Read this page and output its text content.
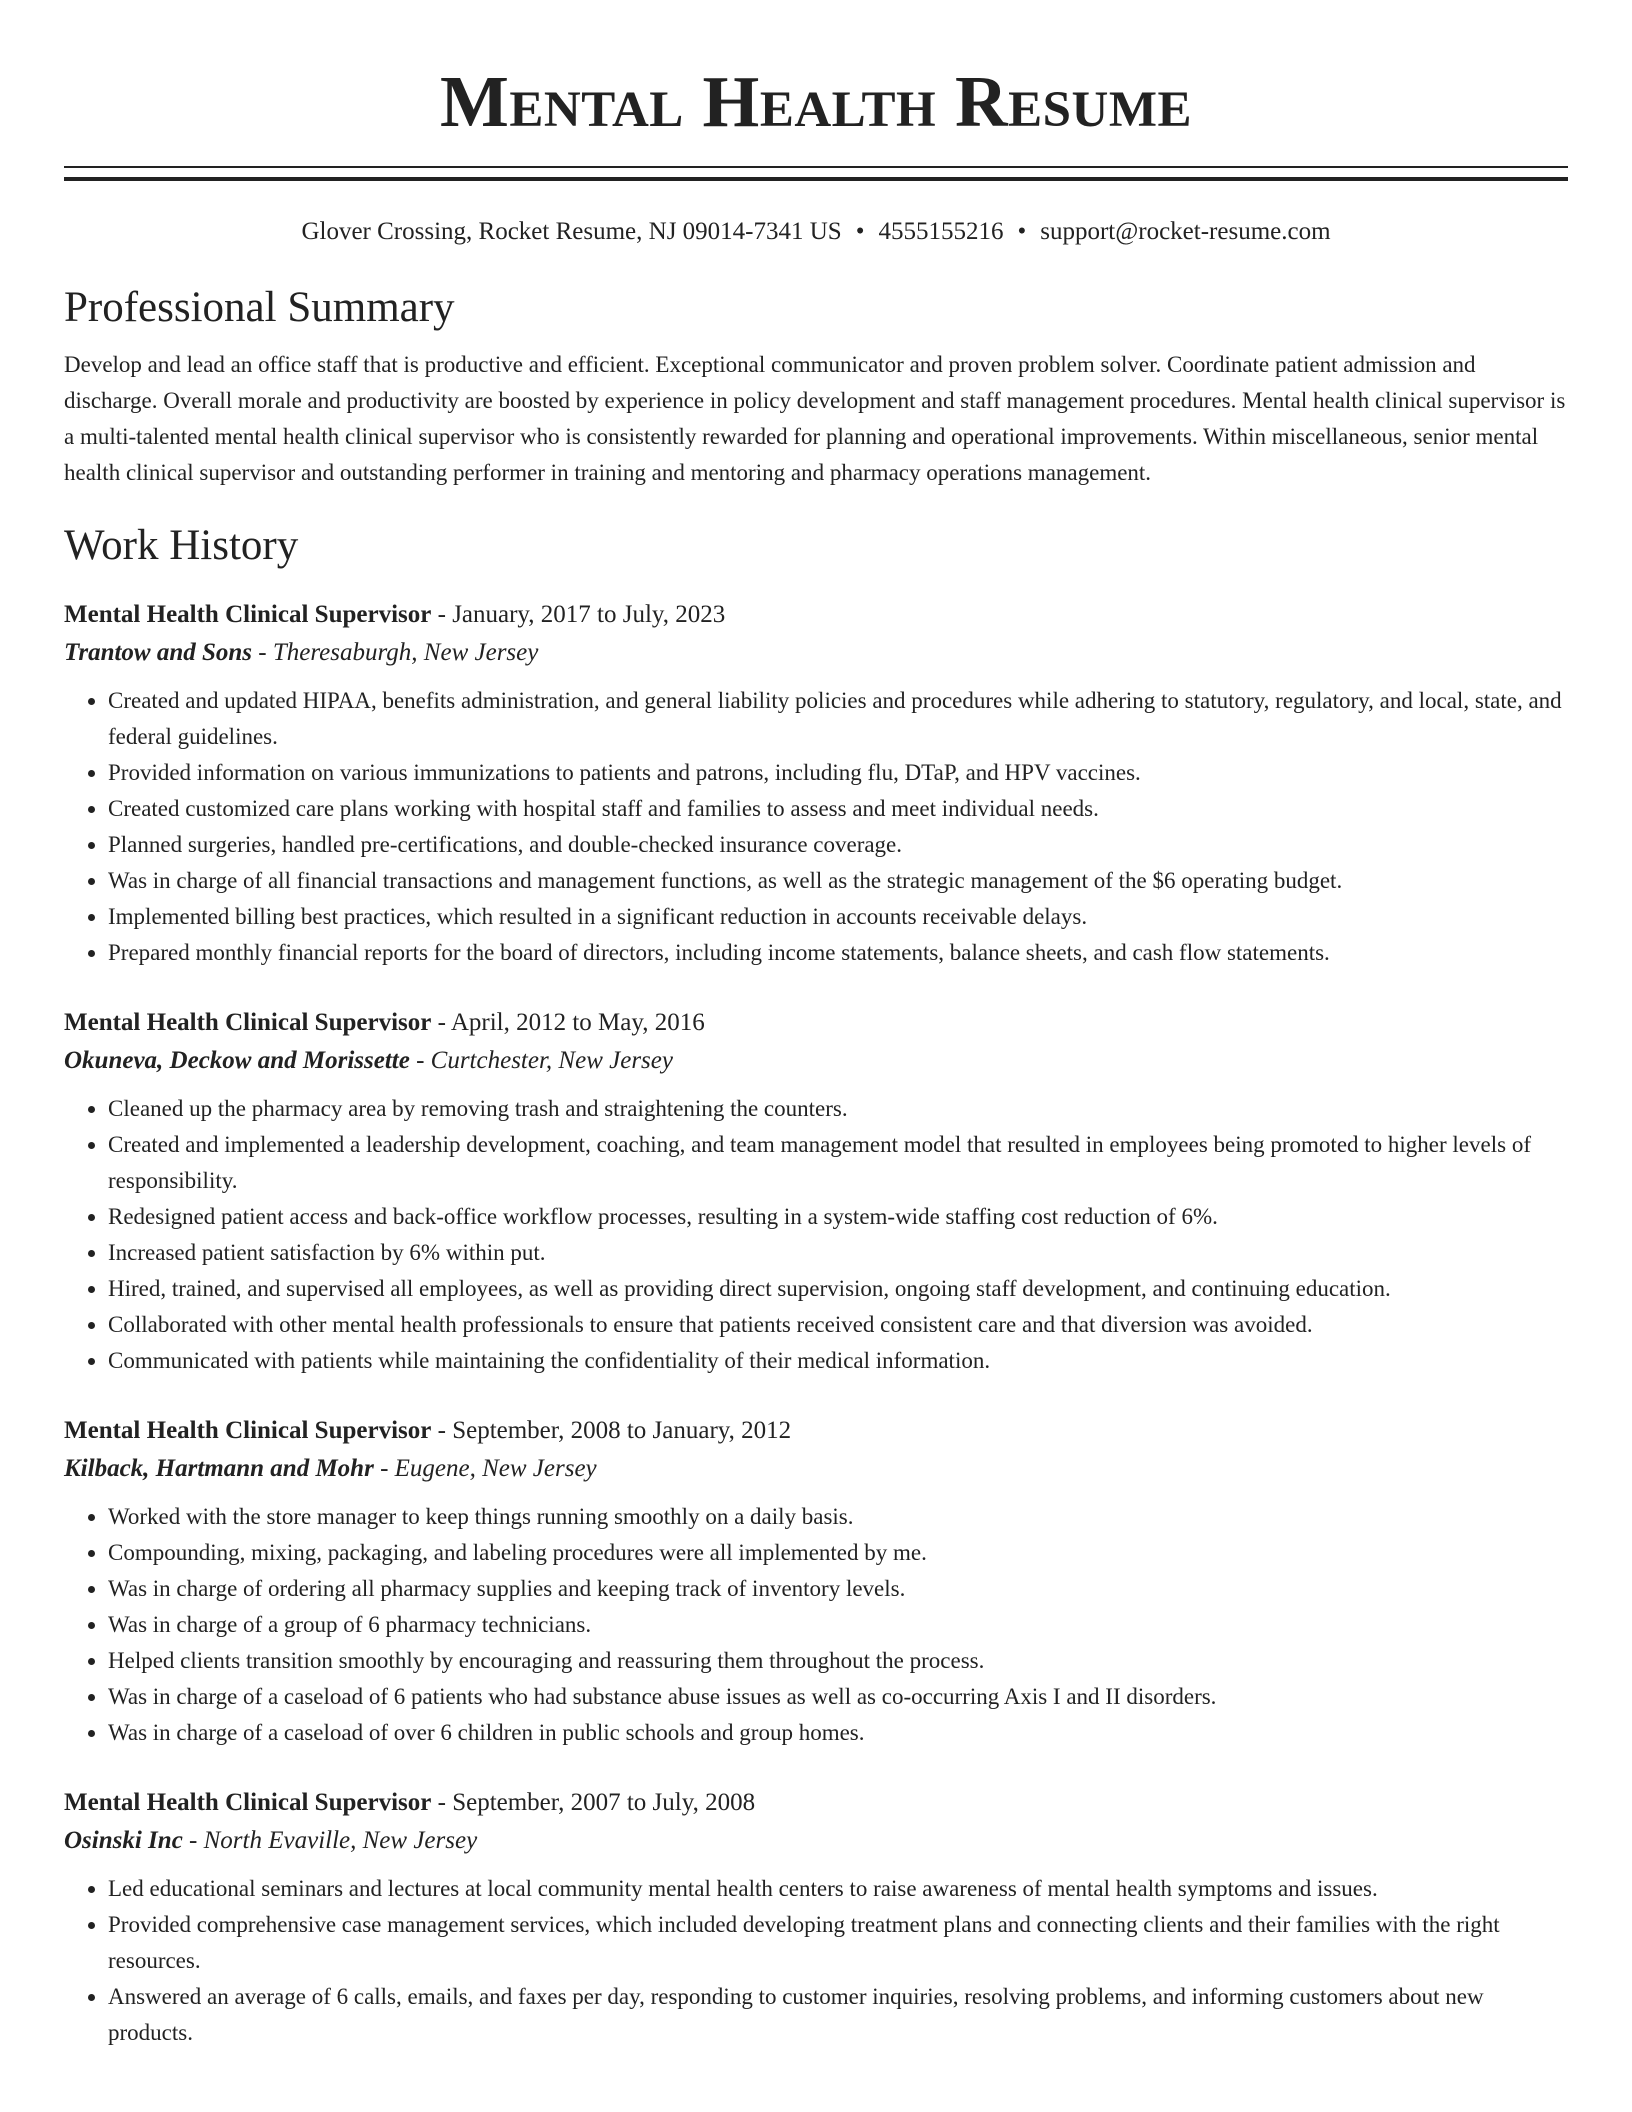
Mental Health Resume
Glover Crossing, Rocket Resume, NJ 09014-7341 US • 4555155216 • support@rocket-resume.com
Professional Summary

Develop and lead an office staff that is productive and efficient. Exceptional communicator and proven problem solver. Coordinate patient admission and discharge. Overall morale and productivity are boosted by experience in policy development and staff management procedures. Mental health clinical supervisor is a multi-talented mental health clinical supervisor who is consistently rewarded for planning and operational improvements. Within miscellaneous, senior mental health clinical supervisor and outstanding performer in training and mentoring and pharmacy operations management.

Work History
Mental Health Clinical Supervisor - January, 2017 to July, 2023
Trantow and Sons - Theresaburgh, New Jersey
• Created and updated HIPAA, benefits administration, and general liability policies and procedures while adhering to statutory, regulatory, and local, state, and federal guidelines.
• Provided information on various immunizations to patients and patrons, including flu, DTaP, and HPV vaccines.
• Created customized care plans working with hospital staff and families to assess and meet individual needs.
• Planned surgeries, handled pre-certifications, and double-checked insurance coverage.
• Was in charge of all financial transactions and management functions, as well as the strategic management of the $6 operating budget.
• Implemented billing best practices, which resulted in a significant reduction in accounts receivable delays.
• Prepared monthly financial reports for the board of directors, including income statements, balance sheets, and cash flow statements.
Mental Health Clinical Supervisor - April, 2012 to May, 2016
Okuneva, Deckow and Morissette - Curtchester, New Jersey
• Cleaned up the pharmacy area by removing trash and straightening the counters.
• Created and implemented a leadership development, coaching, and team management model that resulted in employees being promoted to higher levels of responsibility.
• Redesigned patient access and back-office workflow processes, resulting in a system-wide staffing cost reduction of 6%.
• Increased patient satisfaction by 6% within put.
• Hired, trained, and supervised all employees, as well as providing direct supervision, ongoing staff development, and continuing education.
• Collaborated with other mental health professionals to ensure that patients received consistent care and that diversion was avoided.
• Communicated with patients while maintaining the confidentiality of their medical information.
Mental Health Clinical Supervisor - September, 2008 to January, 2012
Kilback, Hartmann and Mohr - Eugene, New Jersey
• Worked with the store manager to keep things running smoothly on a daily basis.
• Compounding, mixing, packaging, and labeling procedures were all implemented by me.
• Was in charge of ordering all pharmacy supplies and keeping track of inventory levels.
• Was in charge of a group of 6 pharmacy technicians.
• Helped clients transition smoothly by encouraging and reassuring them throughout the process.
• Was in charge of a caseload of 6 patients who had substance abuse issues as well as co-occurring Axis I and II disorders.
• Was in charge of a caseload of over 6 children in public schools and group homes.
Mental Health Clinical Supervisor - September, 2007 to July, 2008
Osinski Inc - North Evaville, New Jersey
• Led educational seminars and lectures at local community mental health centers to raise awareness of mental health symptoms and issues.
• Provided comprehensive case management services, which included developing treatment plans and connecting clients and their families with the right resources.
• Answered an average of 6 calls, emails, and faxes per day, responding to customer inquiries, resolving problems, and informing customers about new products.
